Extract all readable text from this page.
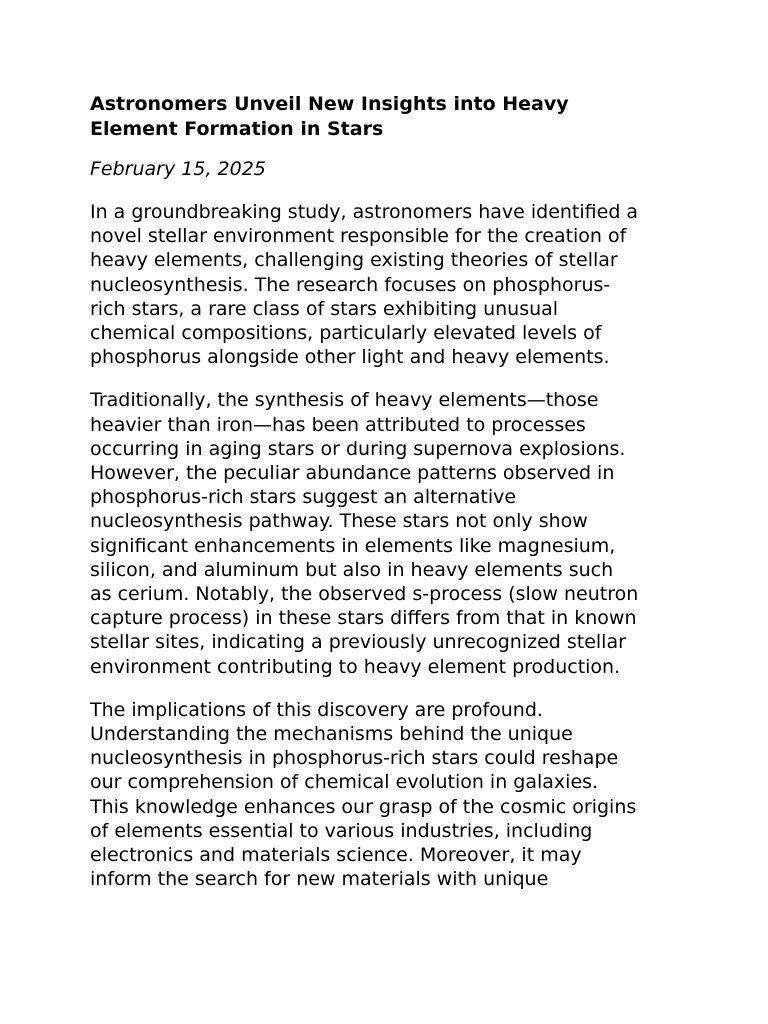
Astronomers Unveil New Insights into Heavy
Element Formation in Stars
February 15, 2025

In a groundbreaking study, astronomers have identified a
novel stellar environment responsible for the creation of
heavy elements, challenging existing theories of stellar
nucleosynthesis. The research focuses on phosphorus-
rich stars, a rare class of stars exhibiting unusual
chemical compositions, particularly elevated levels of
phosphorus alongside other light and heavy elements.

Traditionally, the synthesis of heavy elements—those
heavier than iron—has been attributed to processes
occurring in aging stars or during supernova explosions.
However, the peculiar abundance patterns observed in
phosphorus-rich stars suggest an alternative
nucleosynthesis pathway. These stars not only show
significant enhancements in elements like magnesium,
silicon, and aluminum but also in heavy elements such
as cerium. Notably, the observed s-process (slow neutron
capture process) in these stars differs from that in known
stellar sites, indicating a previously unrecognized stellar
environment contributing to heavy element production.

The implications of this discovery are profound.
Understanding the mechanisms behind the unique
nucleosynthesis in phosphorus-rich stars could reshape
our comprehension of chemical evolution in galaxies.
This knowledge enhances our grasp of the cosmic origins
of elements essential to various industries, including
electronics and materials science. Moreover, it may
inform the search for new materials with unique
